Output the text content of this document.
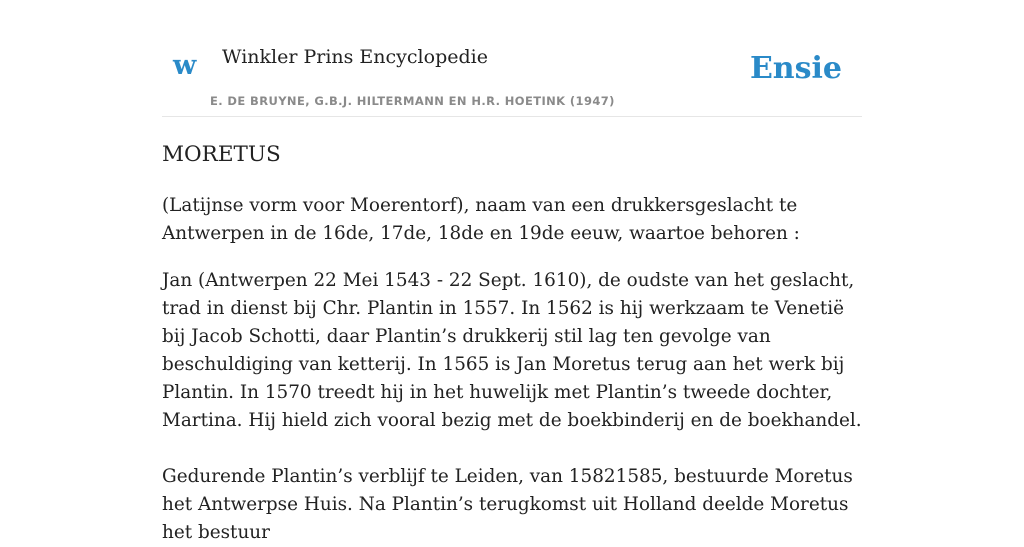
w Winkler Prins Encyclopedie
E. DE BRUYNE, G.B.J. HILTERMANN EN H.R. HOETINK (1947)
Ensie
MORETUS

(Latijnse vorm voor Moerentorf), naam van een drukkersgeslacht te Antwerpen in de 16de, 17de, 18de en 19de eeuw, waartoe behoren :

Jan (Antwerpen 22 Mei 1543 - 22 Sept. 1610), de oudste van het geslacht, trad in dienst bij Chr. Plantin in 1557. In 1562 is hij werkzaam te Venetië bij Jacob Schotti, daar Plantin’s drukkerij stil lag ten gevolge van beschuldiging van ketterij. In 1565 is Jan Moretus terug aan het werk bij Plantin. In 1570 treedt hij in het huwelijk met Plantin’s tweede dochter, Martina. Hij hield zich vooral bezig met de boekbinderij en de boekhandel.

Gedurende Plantin’s verblijf te Leiden, van 15821585, bestuurde Moretus het Antwerpse Huis. Na Plantin’s terugkomst uit Holland deelde Moretus het bestuur
